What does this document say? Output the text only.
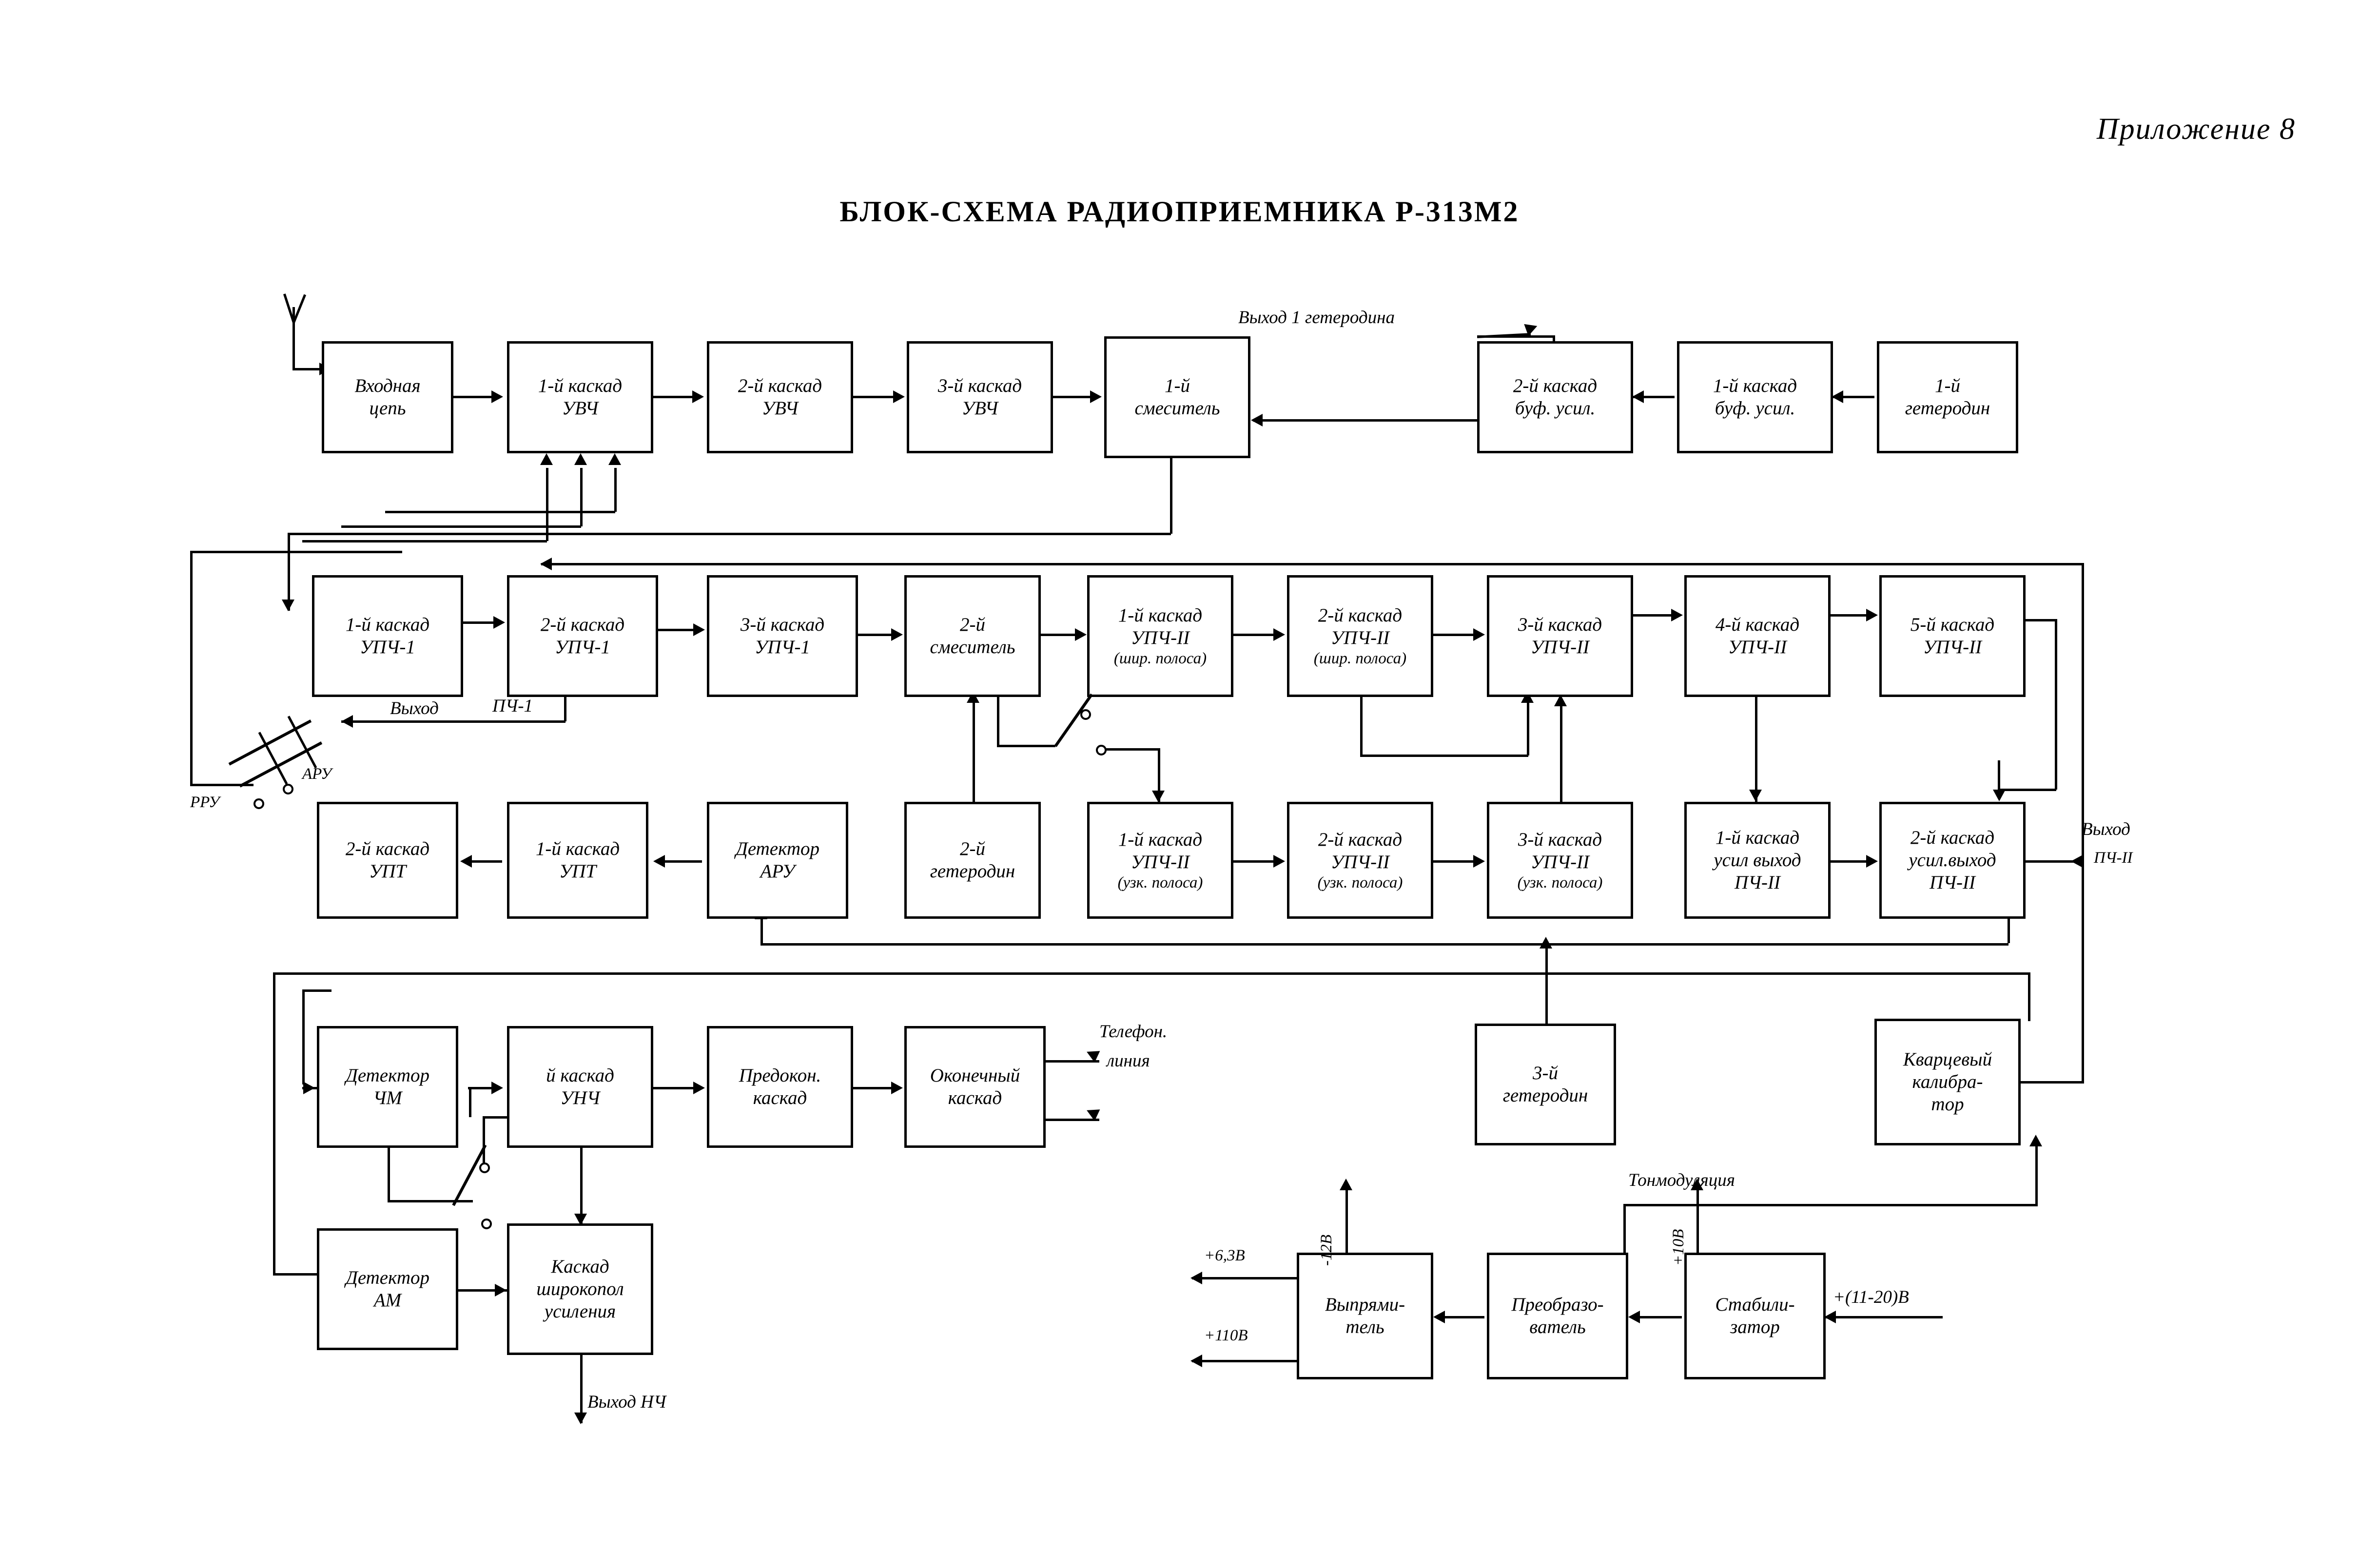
Приложение 8
БЛОК-СХЕМА РАДИОПРИЕМНИКА Р-313М2
Входная
цепь
1-й каскад
УВЧ
2-й каскад
УВЧ
3-й каскад
УВЧ
1-й
смеситель
2-й каскад
буф. усил.
1-й каскад
буф. усил.
1-й
гетеродин
Выход 1 гетеродина
1-й каскад
УПЧ-1
2-й каскад
УПЧ-1
3-й каскад
УПЧ-1
2-й
смеситель
1-й каскад
УПЧ-II
(шир. полоса)
2-й каскад
УПЧ-II
(шир. полоса)
3-й каскад
УПЧ-II
4-й каскад
УПЧ-II
5-й каскад
УПЧ-II
Выход	ПЧ-1
РРУ
АРУ
2-й каскад
УПТ
1-й каскад
УПТ
Детектор
АРУ
2-й
гетеродин
1-й каскад
УПЧ-II
(узк. полоса)
2-й каскад
УПЧ-II
(узк. полоса)
3-й каскад
УПЧ-II
(узк. полоса)
1-й каскад
усил выход
ПЧ-II
2-й каскад
усил.выход
ПЧ-II
Выход
ПЧ-II
Детектор
ЧМ
й каскад
УНЧ
Предокон.
каскад
Оконечный
каскад
Детектор
АМ
Каскад
широкопол
усиления
3-й
гетеродин
Кварцевый
калибра-
тор
Выход НЧ
Телефон.
линия
Выпрями-
тель
Преобразо-
ватель
Стабили-
затор
+(11-20)В
+6,3В
+110В
-12В	+10В
Тонмодуляция
